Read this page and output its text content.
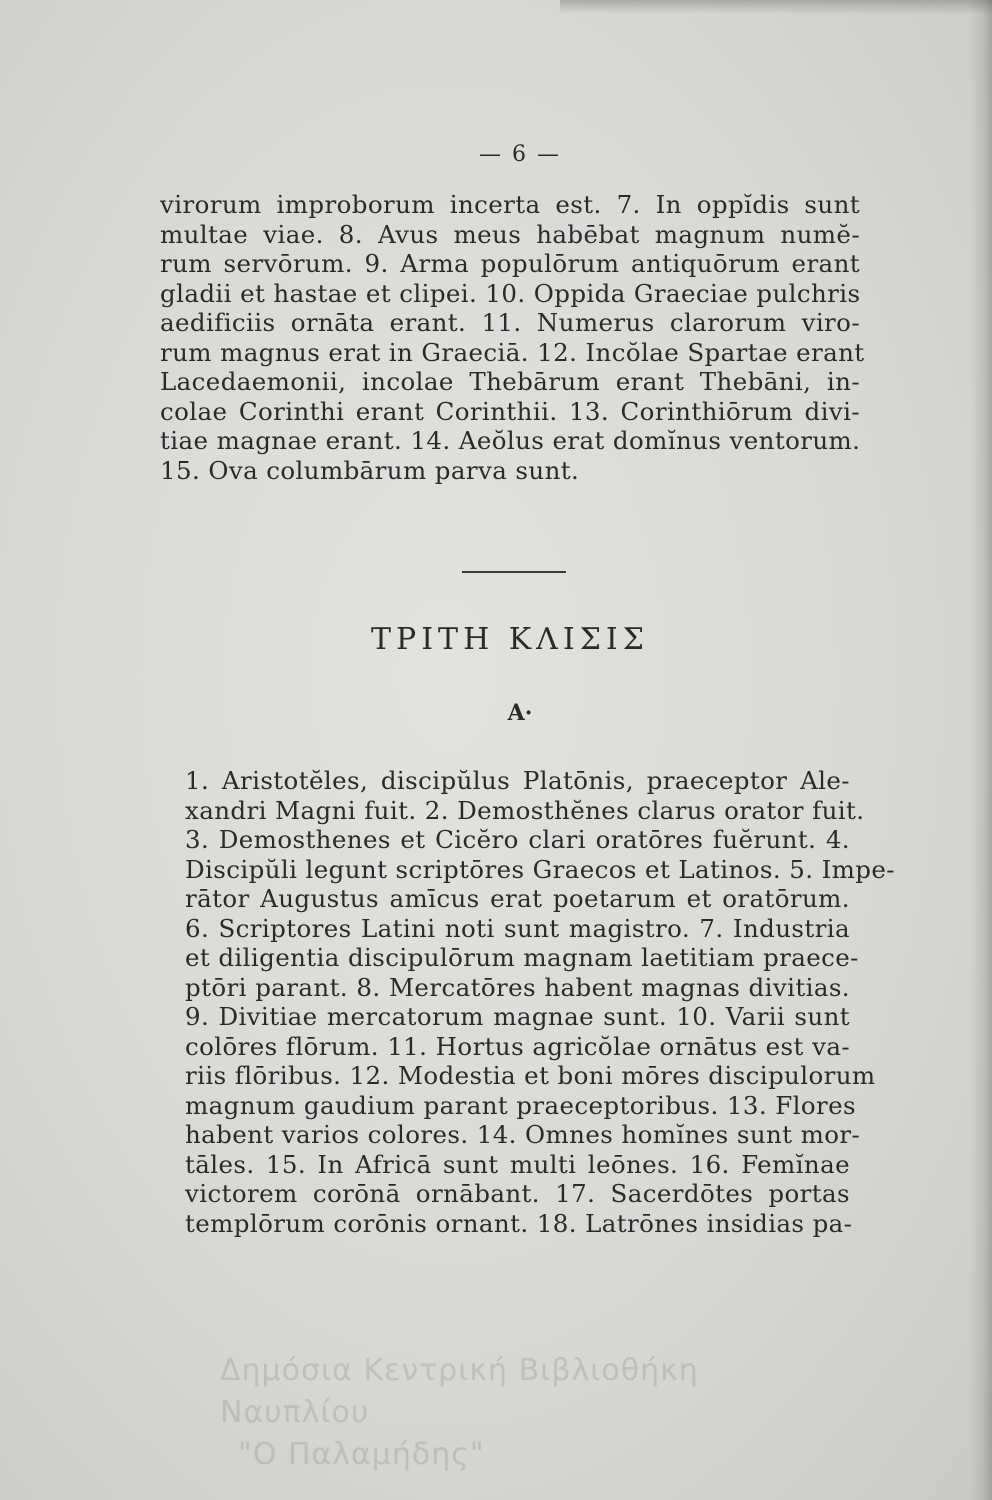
— 6 —
virorum improborum incerta est. 7. In oppĭdis sunt
multae viae. 8. Avus meus habēbat magnum numĕ-
rum servōrum. 9. Arma populōrum antiquōrum erant
gladii et hastae et clipei. 10. Oppida Graeciae pulchris
aedificiis ornāta erant. 11. Numerus clarorum viro-
rum magnus erat in Graeciā. 12. Incŏlae Spartae erant
Lacedaemonii, incolae Thebārum erant Thebāni, in-
colae Corinthi erant Corinthii. 13. Corinthiōrum divi-
tiae magnae erant. 14. Aeŏlus erat domĭnus ventorum.
15. Ova columbārum parva sunt.
ΤΡΙΤΗ ΚΛΙΣΙΣ
Α·
1. Aristotĕles, discipŭlus Platōnis, praeceptor Ale-
xandri Magni fuit. 2. Demosthĕnes clarus orator fuit.
3. Demosthenes et Cicĕro clari oratōres fuĕrunt. 4.
Discipŭli legunt scriptōres Graecos et Latinos. 5. Impe-
rātor Augustus amīcus erat poetarum et oratōrum.
6. Scriptores Latini noti sunt magistro. 7. Industria
et diligentia discipulōrum magnam laetitiam praece-
ptōri parant. 8. Mercatōres habent magnas divitias.
9. Divitiae mercatorum magnae sunt. 10. Varii sunt
colōres flōrum. 11. Hortus agricŏlae ornātus est va-
riis flōribus. 12. Modestia et boni mōres discipulorum
magnum gaudium parant praeceptoribus. 13. Flores
habent varios colores. 14. Omnes homĭnes sunt mor-
tāles. 15. In Africā sunt multi leōnes. 16. Femĭnae
victorem corōnā ornābant. 17. Sacerdōtes portas
templōrum corōnis ornant. 18. Latrōnes insidias pa-
Δημόσια Κεντρική Βιβλιοθήκη Ναυπλίου
"Ο Παλαμήδης"
